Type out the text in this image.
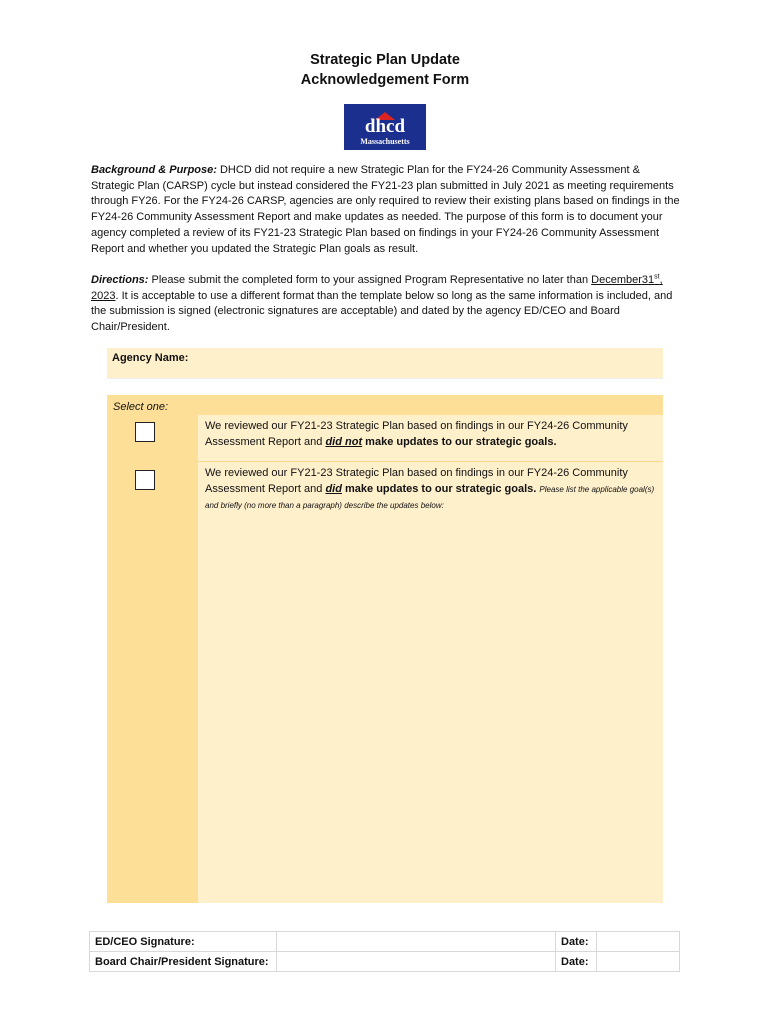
Strategic Plan Update
Acknowledgement Form
dhcd
Massachusetts
Background & Purpose: DHCD did not require a new Strategic Plan for the FY24-26 Community Assessment & Strategic Plan (CARSP) cycle but instead considered the FY21-23 plan submitted in July 2021 as meeting requirements through FY26. For the FY24-26 CARSP, agencies are only required to review their existing plans based on findings in the FY24-26 Community Assessment Report and make updates as needed. The purpose of this form is to document your agency completed a review of its FY21-23 Strategic Plan based on findings in your FY24-26 Community Assessment Report and whether you updated the Strategic Plan goals as result.
Directions: Please submit the completed form to your assigned Program Representative no later than December31st, 2023. It is acceptable to use a different format than the template below so long as the same information is included, and the submission is signed (electronic signatures are acceptable) and dated by the agency ED/CEO and Board Chair/President.
Agency Name:
Select one:
We reviewed our FY21-23 Strategic Plan based on findings in our FY24-26 Community Assessment Report and did not make updates to our strategic goals.
We reviewed our FY21-23 Strategic Plan based on findings in our FY24-26 Community Assessment Report and did make updates to our strategic goals. Please list the applicable goal(s) and briefly (no more than a paragraph) describe the updates below:
ED/CEO Signature:		Date:	
Board Chair/President Signature:		Date:	
